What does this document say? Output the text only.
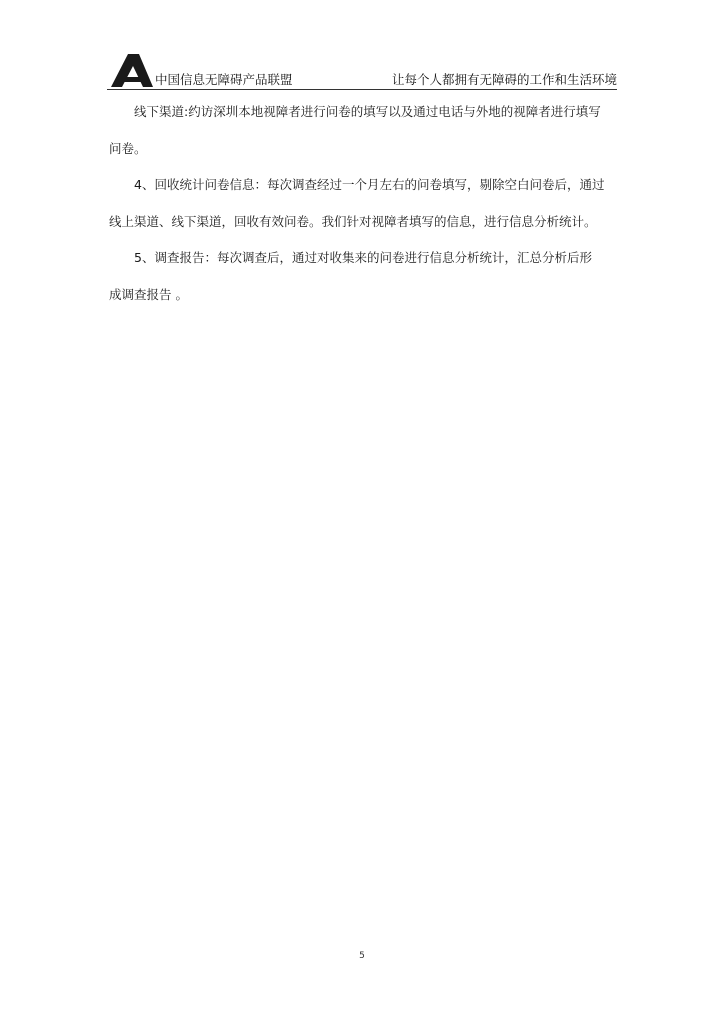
中国信息无障碍产品联盟	让每个人都拥有无障碍的工作和生活环境

线下渠道:约访深圳本地视障者进行问卷的填写以及通过电话与外地的视障者进行填写

问卷。

4、回收统计问卷信息：每次调查经过一个月左右的问卷填写，剔除空白问卷后，通过

线上渠道、线下渠道，回收有效问卷。我们针对视障者填写的信息，进行信息分析统计。

5、调查报告：每次调查后，通过对收集来的问卷进行信息分析统计，汇总分析后形

成调查报告 。

5
